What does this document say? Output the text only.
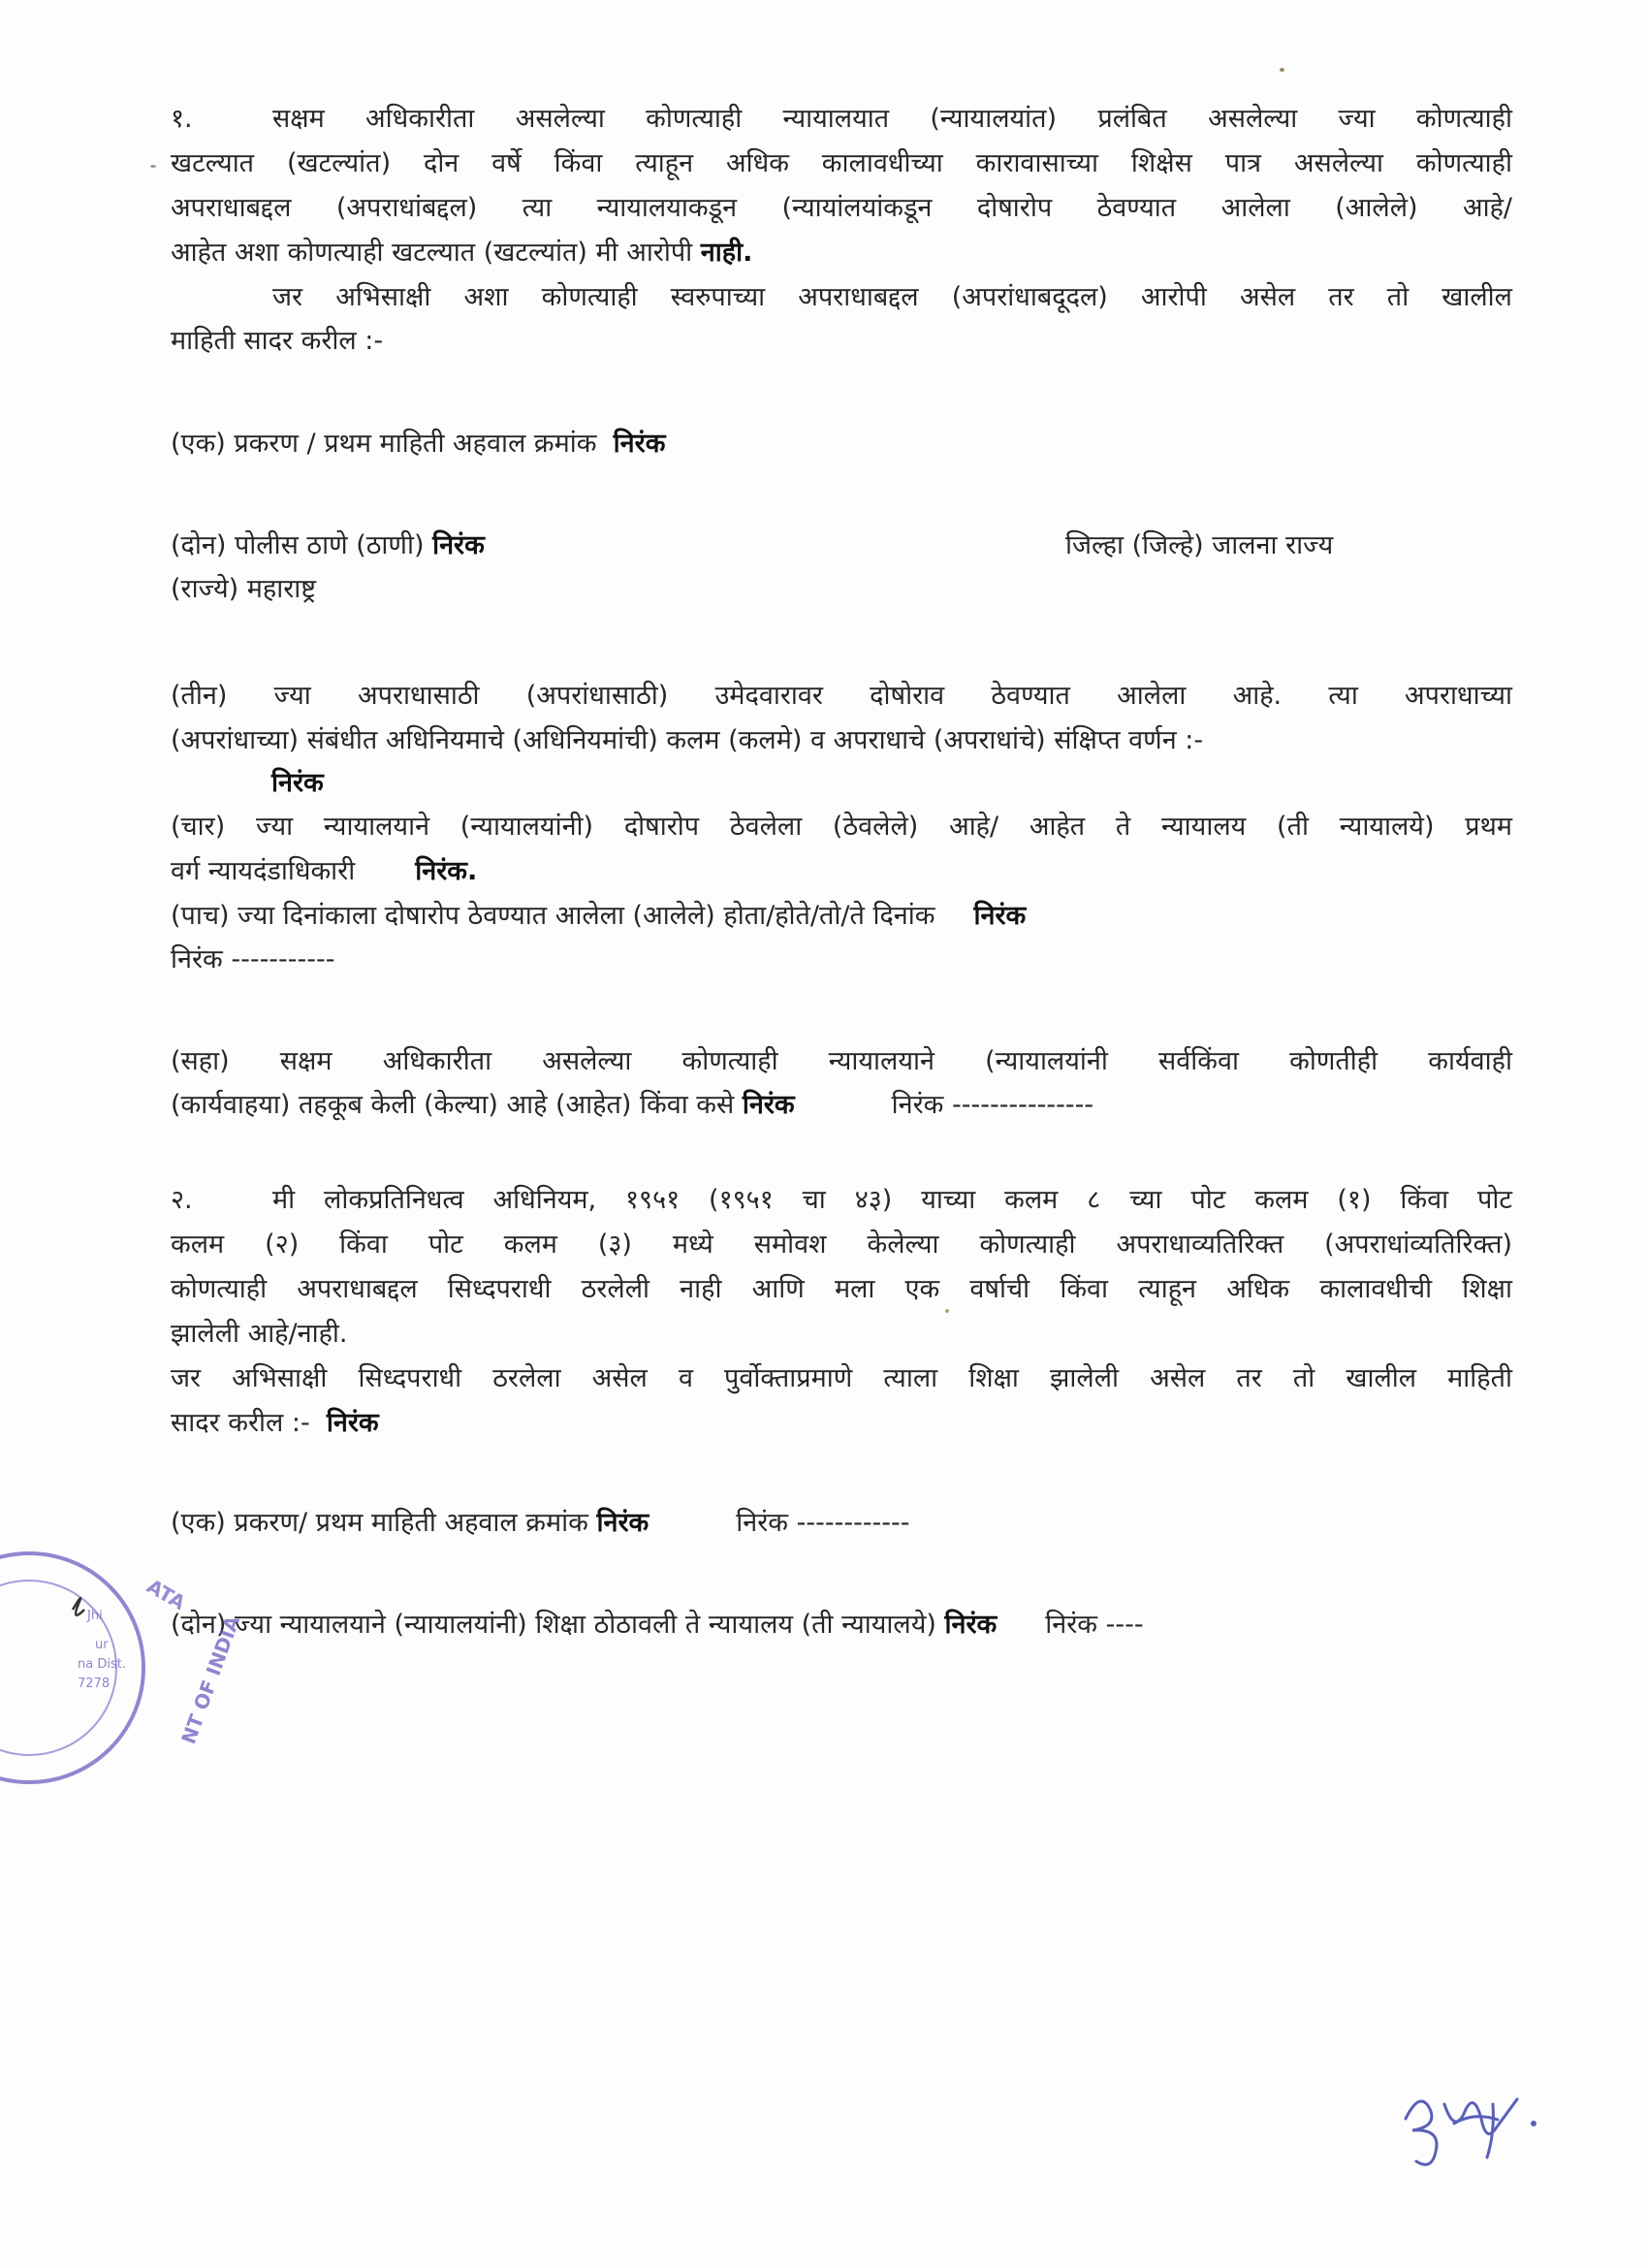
१.	सक्षम अधिकारीता असलेल्या कोणत्याही न्यायालयात (न्यायालयांत) प्रलंबित असलेल्या ज्या कोणत्याही
खटल्यात (खटल्यांत) दोन वर्षे किंवा त्याहून अधिक कालावधीच्या कारावासाच्या शिक्षेस पात्र असलेल्या कोणत्याही
अपराधाबद्दल (अपराधांबद्दल) त्या न्यायालयाकडून (न्यायांलयांकडून दोषारोप ठेवण्यात आलेला (आलेले) आहे/
आहेत अशा कोणत्याही खटल्यात (खटल्यांत) मी आरोपी नाही.
जर अभिसाक्षी अशा कोणत्याही स्वरुपाच्या अपराधाबद्दल (अपरांधाबदूदल) आरोपी असेल तर तो खालील
माहिती सादर करील :-
(एक) प्रकरण / प्रथम माहिती अहवाल क्रमांक निरंक
(दोन) पोलीस ठाणे (ठाणी) निरंक	जिल्हा (जिल्हे) जालना राज्य
(राज्ये) महाराष्ट्र
(तीन) ज्या अपराधासाठी (अपरांधासाठी) उमेदवारावर दोषोराव ठेवण्यात आलेला आहे. त्या अपराधाच्या
(अपरांधाच्या) संबंधीत अधिनियमाचे (अधिनियमांची) कलम (कलमे) व अपराधाचे (अपराधांचे) संक्षिप्त वर्णन :-
निरंक
(चार) ज्या न्यायालयाने (न्यायालयांनी) दोषारोप ठेवलेला (ठेवलेले) आहे/ आहेत ते न्यायालय (ती न्यायालये) प्रथम
वर्ग न्यायदंडाधिकारी निरंक.
(पाच) ज्या दिनांकाला दोषारोप ठेवण्यात आलेला (आलेले) होता/होते/तो/ते दिनांक निरंक
निरंक -----------
(सहा) सक्षम अधिकारीता असलेल्या कोणत्याही न्यायालयाने (न्यायालयांनी सर्वकिंवा कोणतीही कार्यवाही
(कार्यवाहया) तहकूब केली (केल्या) आहे (आहेत) किंवा कसे निरंक	निरंक ---------------
२.	मी लोकप्रतिनिधत्व अधिनियम, १९५१ (१९५१ चा ४३) याच्या कलम ८ च्या पोट कलम (१) किंवा पोट
कलम (२) किंवा पोट कलम (३) मध्ये समोवश केलेल्या कोणत्याही अपराधाव्यतिरिक्त (अपराधांव्यतिरिक्त)
कोणत्याही अपराधाबद्दल सिध्दपराधी ठरलेली नाही आणि मला एक वर्षाची किंवा त्याहून अधिक कालावधीची शिक्षा
झालेली आहे/नाही.
जर अभिसाक्षी सिध्दपराधी ठरलेला असेल व पुर्वोक्ताप्रमाणे त्याला शिक्षा झालेली असेल तर तो खालील माहिती
सादर करील :- निरंक
(एक) प्रकरण/ प्रथम माहिती अहवाल क्रमांक निरंक	निरंक ------------
(दोन) ज्या न्यायालयाने (न्यायालयांनी) शिक्षा ठोठावली ते न्यायालय (ती न्यायालये) निरंक निरंक ----
ATA
NT OF INDIA
Jhi
ur
na Dist.
7278
